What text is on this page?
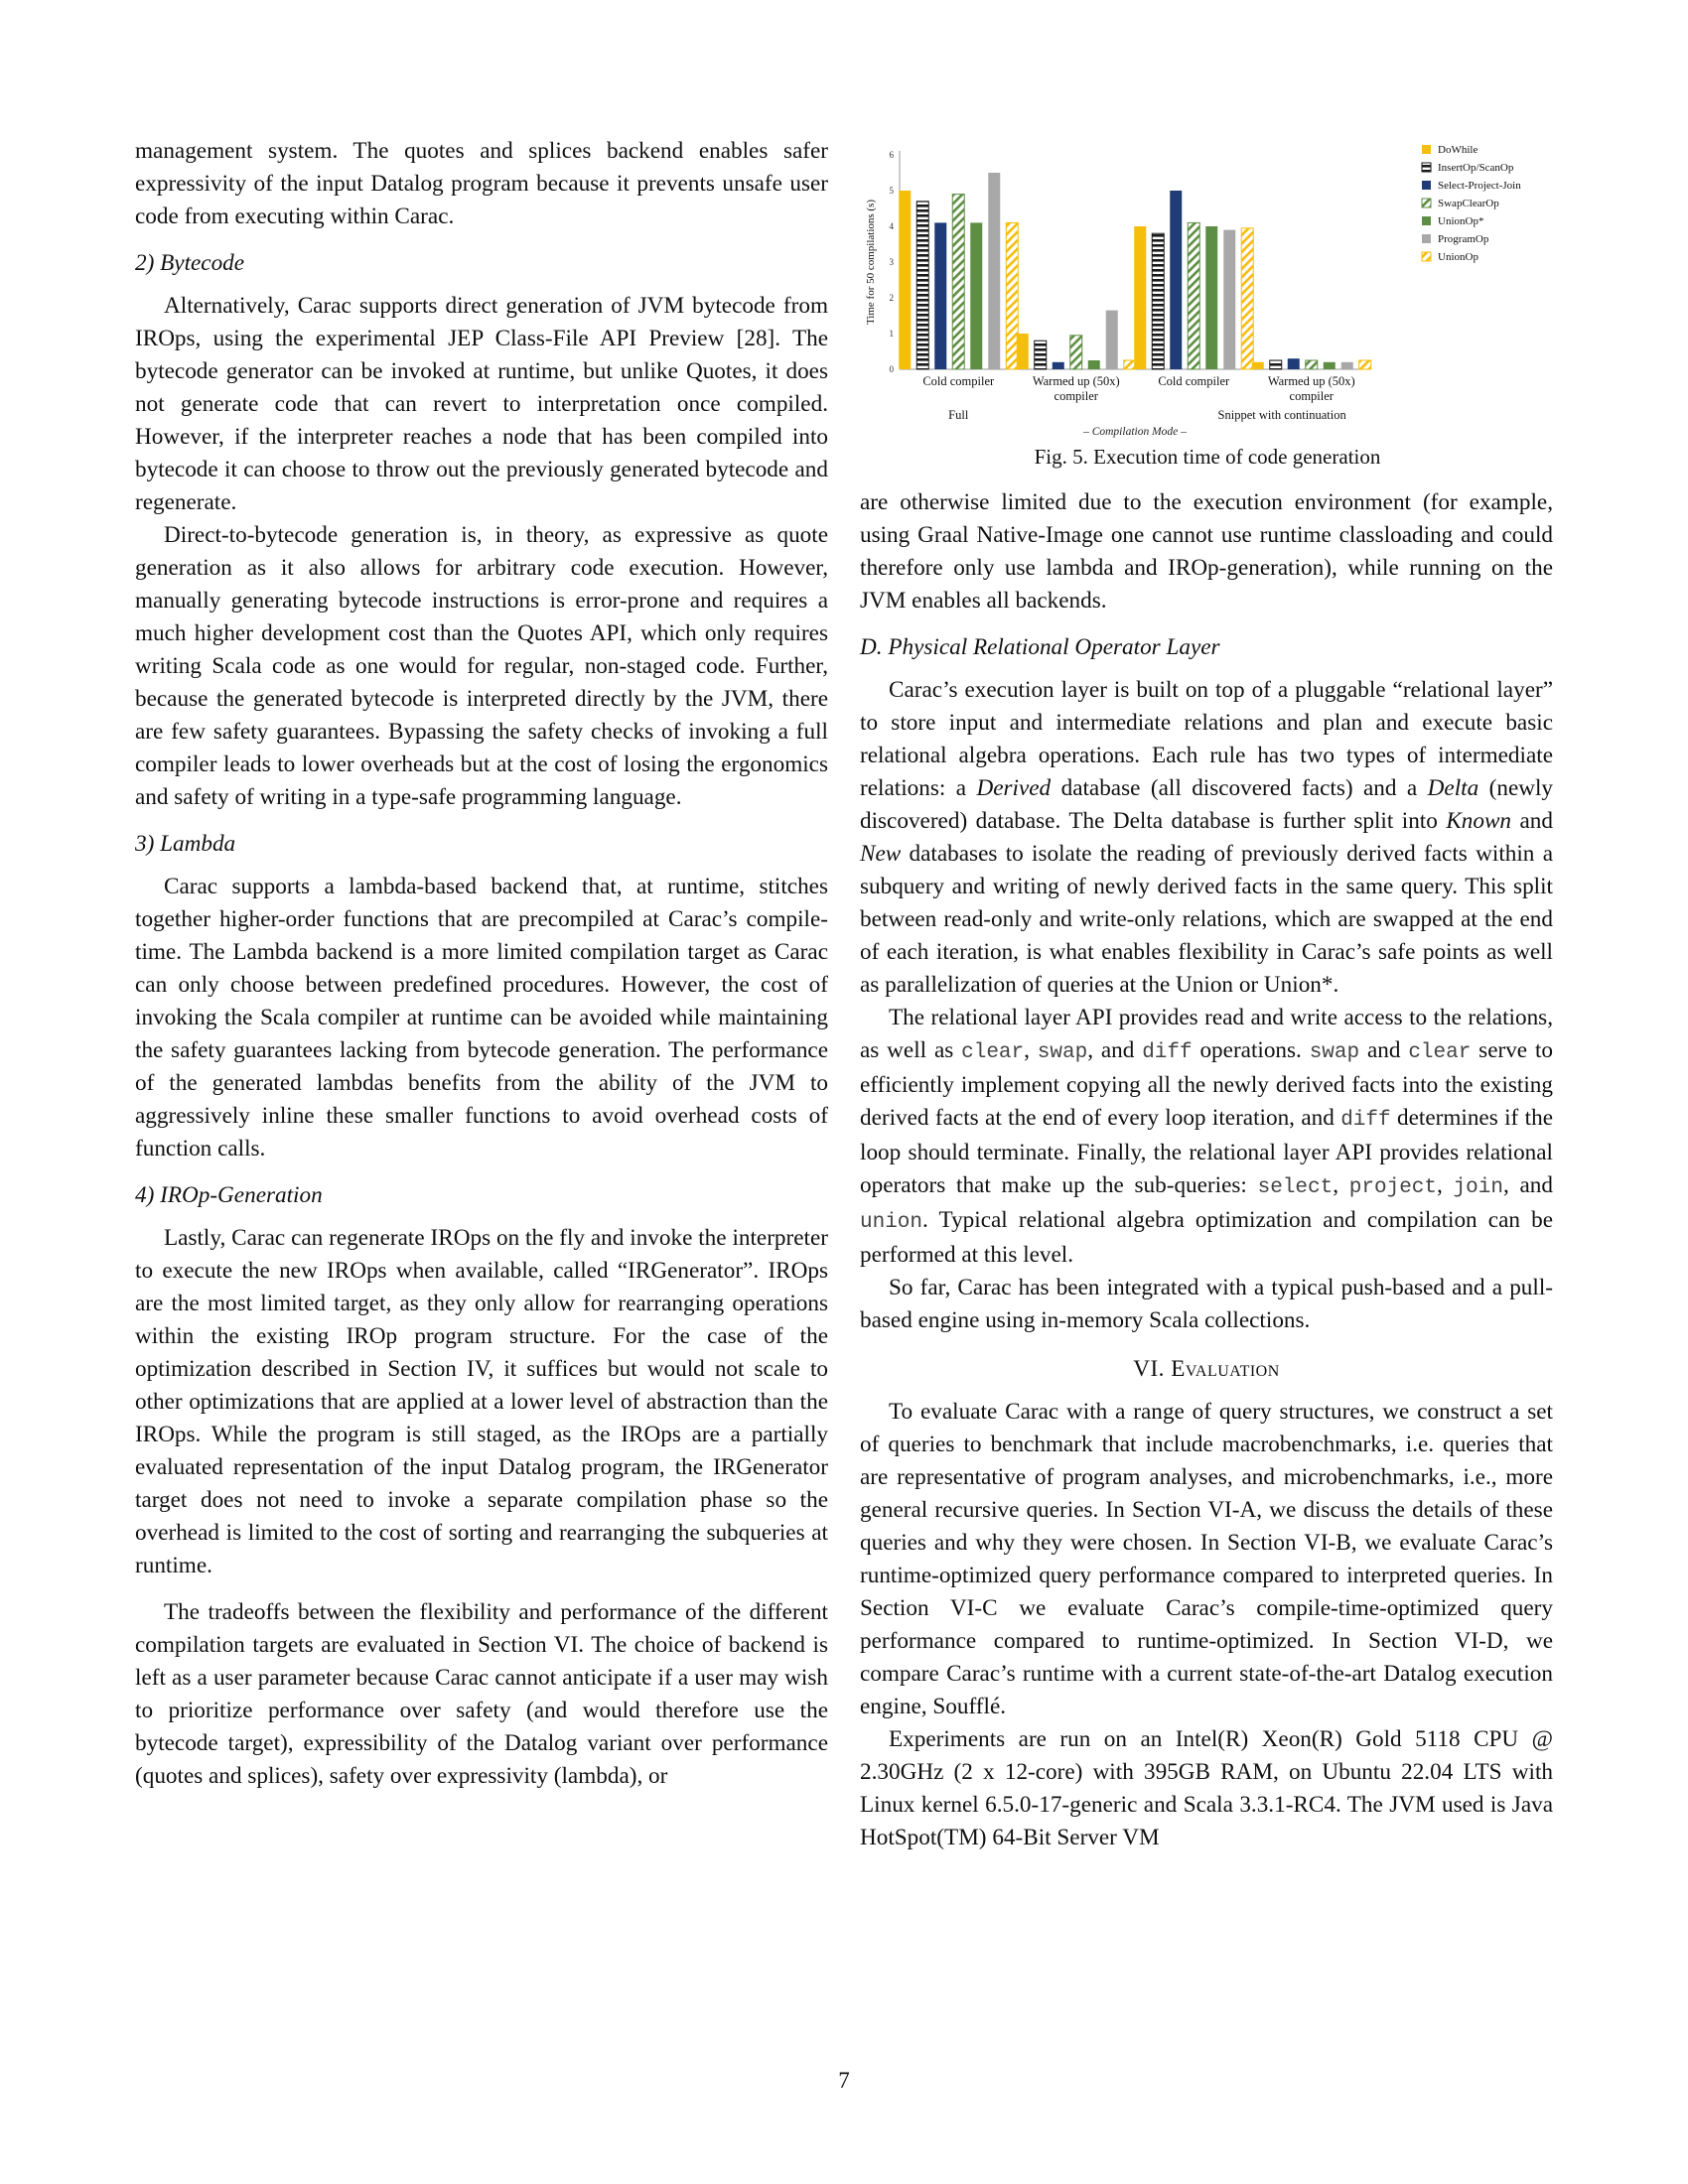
0
1
2
3
4
5
6
Time for 50 compilations (s)
DoWhile
InsertOp/ScanOp
Select-Project-Join
SwapClearOp
UnionOp*
ProgramOp
UnionOp
Cold compiler	Warmed up (50x)
compiler
Cold compiler	Warmed up (50x)
compiler
Full	Snippet with continuation
– Compilation Mode –
Fig. 5. Execution time of code generation

management system. The quotes and splices backend enables safer expressivity of the input Datalog program because it prevents unsafe user code from executing within Carac.

2) Bytecode

Alternatively, Carac supports direct generation of JVM bytecode from IROps, using the experimental JEP Class-File API Preview [28]. The bytecode generator can be invoked at runtime, but unlike Quotes, it does not generate code that can revert to interpretation once compiled. However, if the interpreter reaches a node that has been compiled into bytecode it can choose to throw out the previously generated bytecode and regenerate.

Direct-to-bytecode generation is, in theory, as expressive as quote generation as it also allows for arbitrary code execution. However, manually generating bytecode instructions is error-prone and requires a much higher development cost than the Quotes API, which only requires writing Scala code as one would for regular, non-staged code. Further, because the generated bytecode is interpreted directly by the JVM, there are few safety guarantees. Bypassing the safety checks of invoking a full compiler leads to lower overheads but at the cost of losing the ergonomics and safety of writing in a type-safe programming language.

3) Lambda

Carac supports a lambda-based backend that, at runtime, stitches together higher-order functions that are precompiled at Carac’s compile-time. The Lambda backend is a more limited compilation target as Carac can only choose between predefined procedures. However, the cost of invoking the Scala compiler at runtime can be avoided while maintaining the safety guarantees lacking from bytecode generation. The performance of the generated lambdas benefits from the ability of the JVM to aggressively inline these smaller functions to avoid overhead costs of function calls.

4) IROp-Generation

Lastly, Carac can regenerate IROps on the fly and invoke the interpreter to execute the new IROps when available, called “IRGenerator”. IROps are the most limited target, as they only allow for rearranging operations within the existing IROp program structure. For the case of the optimization described in Section IV, it suffices but would not scale to other optimizations that are applied at a lower level of abstraction than the IROps. While the program is still staged, as the IROps are a partially evaluated representation of the input Datalog program, the IRGenerator target does not need to invoke a separate compilation phase so the overhead is limited to the cost of sorting and rearranging the subqueries at runtime.

The tradeoffs between the flexibility and performance of the different compilation targets are evaluated in Section VI. The choice of backend is left as a user parameter because Carac cannot anticipate if a user may wish to prioritize performance over safety (and would therefore use the bytecode target), expressibility of the Datalog variant over performance (quotes and splices), safety over expressivity (lambda), or

are otherwise limited due to the execution environment (for example, using Graal Native-Image one cannot use runtime classloading and could therefore only use lambda and IROp-generation), while running on the JVM enables all backends.

D. Physical Relational Operator Layer

Carac’s execution layer is built on top of a pluggable “relational layer” to store input and intermediate relations and plan and execute basic relational algebra operations. Each rule has two types of intermediate relations: a Derived database (all discovered facts) and a Delta (newly discovered) database. The Delta database is further split into Known and New databases to isolate the reading of previously derived facts within a subquery and writing of newly derived facts in the same query. This split between read-only and write-only relations, which are swapped at the end of each iteration, is what enables flexibility in Carac’s safe points as well as parallelization of queries at the Union or Union*.

The relational layer API provides read and write access to the relations, as well as clear, swap, and diff operations. swap and clear serve to efficiently implement copying all the newly derived facts into the existing derived facts at the end of every loop iteration, and diff determines if the loop should terminate. Finally, the relational layer API provides relational operators that make up the sub-queries: select, project, join, and union. Typical relational algebra optimization and compilation can be performed at this level.

So far, Carac has been integrated with a typical push-based and a pull-based engine using in-memory Scala collections.

VI. Evaluation

To evaluate Carac with a range of query structures, we construct a set of queries to benchmark that include macrobenchmarks, i.e. queries that are representative of program analyses, and microbenchmarks, i.e., more general recursive queries. In Section VI-A, we discuss the details of these queries and why they were chosen. In Section VI-B, we evaluate Carac’s runtime-optimized query performance compared to interpreted queries. In Section VI-C we evaluate Carac’s compile-time-optimized query performance compared to runtime-optimized. In Section VI-D, we compare Carac’s runtime with a current state-of-the-art Datalog execution engine, Soufflé.

Experiments are run on an Intel(R) Xeon(R) Gold 5118 CPU @ 2.30GHz (2 x 12-core) with 395GB RAM, on Ubuntu 22.04 LTS with Linux kernel 6.5.0-17-generic and Scala 3.3.1-RC4. The JVM used is Java HotSpot(TM) 64-Bit Server VM

7
